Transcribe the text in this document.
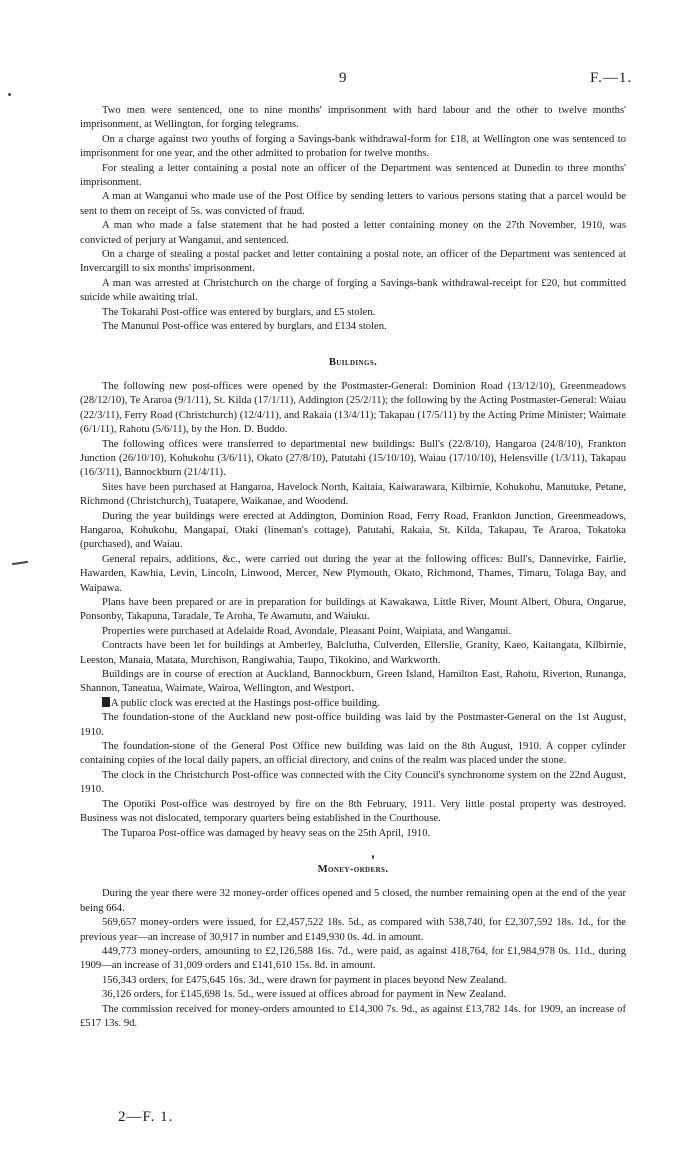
9	F.—1.

Two men were sentenced, one to nine months' imprisonment with hard labour and the other to twelve months' imprisonment, at Wellington, for forging telegrams.

On a charge against two youths of forging a Savings-bank withdrawal-form for £18, at Wellington one was sentenced to imprisonment for one year, and the other admitted to probation for twelve months.

For stealing a letter containing a postal note an officer of the Department was sentenced at Dunedin to three months' imprisonment.

A man at Wanganui who made use of the Post Office by sending letters to various persons stating that a parcel would be sent to them on receipt of 5s. was convicted of fraud.

A man who made a false statement that he had posted a letter containing money on the 27th November, 1910, was convicted of perjury at Wanganui, and sentenced.

On a charge of stealing a postal packet and letter containing a postal note, an officer of the Department was sentenced at Invercargill to six months' imprisonment.

A man was arrested at Christchurch on the charge of forging a Savings-bank withdrawal-receipt for £20, but committed suicide while awaiting trial.

The Tokarahi Post-office was entered by burglars, and £5 stolen.

The Manunui Post-office was entered by burglars, and £134 stolen.

Buildings.

The following new post-offices were opened by the Postmaster-General: Dominion Road (13/12/10), Greenmeadows (28/12/10), Te Araroa (9/1/11), St. Kilda (17/1/11), Addington (25/2/11); the following by the Acting Postmaster-General: Waiau (22/3/11), Ferry Road (Christchurch) (12/4/11), and Rakaia (13/4/11); Takapau (17/5/11) by the Acting Prime Minister; Waimate (6/1/11), Rahotu (5/6/11), by the Hon. D. Buddo.

The following offices were transferred to departmental new buildings: Bull's (22/8/10), Hangaroa (24/8/10), Frankton Junction (26/10/10), Kohukohu (3/6/11), Okato (27/8/10), Patutahi (15/10/10), Waiau (17/10/10), Helensville (1/3/11), Takapau (16/3/11), Bannockburn (21/4/11).

Sites have been purchased at Hangaroa, Havelock North, Kaitaia, Kaiwarawara, Kilbirnie, Kohukohu, Manutuke, Petane, Richmond (Christchurch), Tuatapere, Waikanae, and Woodend.

During the year buildings were erected at Addington, Dominion Road, Ferry Road, Frankton Junction, Greenmeadows, Hangaroa, Kohukohu, Mangapai, Otaki (lineman's cottage), Patutahi, Rakaia, St. Kilda, Takapau, Te Araroa, Tokatoka (purchased), and Waiau.

General repairs, additions, &c., were carried out during the year at the following offices: Bull's, Dannevirke, Fairlie, Hawarden, Kawhia, Levin, Lincoln, Linwood, Mercer, New Plymouth, Okato, Richmond, Thames, Timaru, Tolaga Bay, and Waipawa.

Plans have been prepared or are in preparation for buildings at Kawakawa, Little River, Mount Albert, Ohura, Ongarue, Ponsonby, Takapuna, Taradale, Te Aroha, Te Awamutu, and Waiuku.

Properties were purchased at Adelaide Road, Avondale, Pleasant Point, Waipiata, and Wanganui.

Contracts have been let for buildings at Amberley, Balclutha, Culverden, Ellerslie, Granity, Kaeo, Kaitangata, Kilbirnie, Leeston, Manaia, Matata, Murchison, Rangiwahia, Taupo, Tikokino, and Warkworth.

Buildings are in course of erection at Auckland, Bannockburn, Green Island, Hamilton East, Rahotu, Riverton, Runanga, Shannon, Taneatua, Waimate, Wairoa, Wellington, and Westport.

A public clock was erected at the Hastings post-office building.

The foundation-stone of the Auckland new post-office building was laid by the Postmaster-General on the 1st August, 1910.

The foundation-stone of the General Post Office new building was laid on the 8th August, 1910. A copper cylinder containing copies of the local daily papers, an official directory, and coins of the realm was placed under the stone.

The clock in the Christchurch Post-office was connected with the City Council's synchronome system on the 22nd August, 1910.

The Opotiki Post-office was destroyed by fire on the 8th February, 1911. Very little postal property was destroyed. Business was not dislocated, temporary quarters being established in the Courthouse.

The Tuparoa Post-office was damaged by heavy seas on the 25th April, 1910.

Money-orders.

During the year there were 32 money-order offices opened and 5 closed, the number remaining open at the end of the year being 664.

569,657 money-orders were issued, for £2,457,522 18s. 5d., as compared with 538,740, for £2,307,592 18s. 1d., for the previous year—an increase of 30,917 in number and £149,930 0s. 4d. in amount.

449,773 money-orders, amounting to £2,126,588 16s. 7d., were paid, as against 418,764, for £1,984,978 0s. 11d., during 1909—an increase of 31,009 orders and £141,610 15s. 8d. in amount.

156,343 orders, for £475,645 16s. 3d., were drawn for payment in places beyond New Zealand.

36,126 orders, for £145,698 1s. 5d., were issued at offices abroad for payment in New Zealand.

The commission received for money-orders amounted to £14,300 7s. 9d., as against £13,782 14s. for 1909, an increase of £517 13s. 9d.

2—F. 1.
